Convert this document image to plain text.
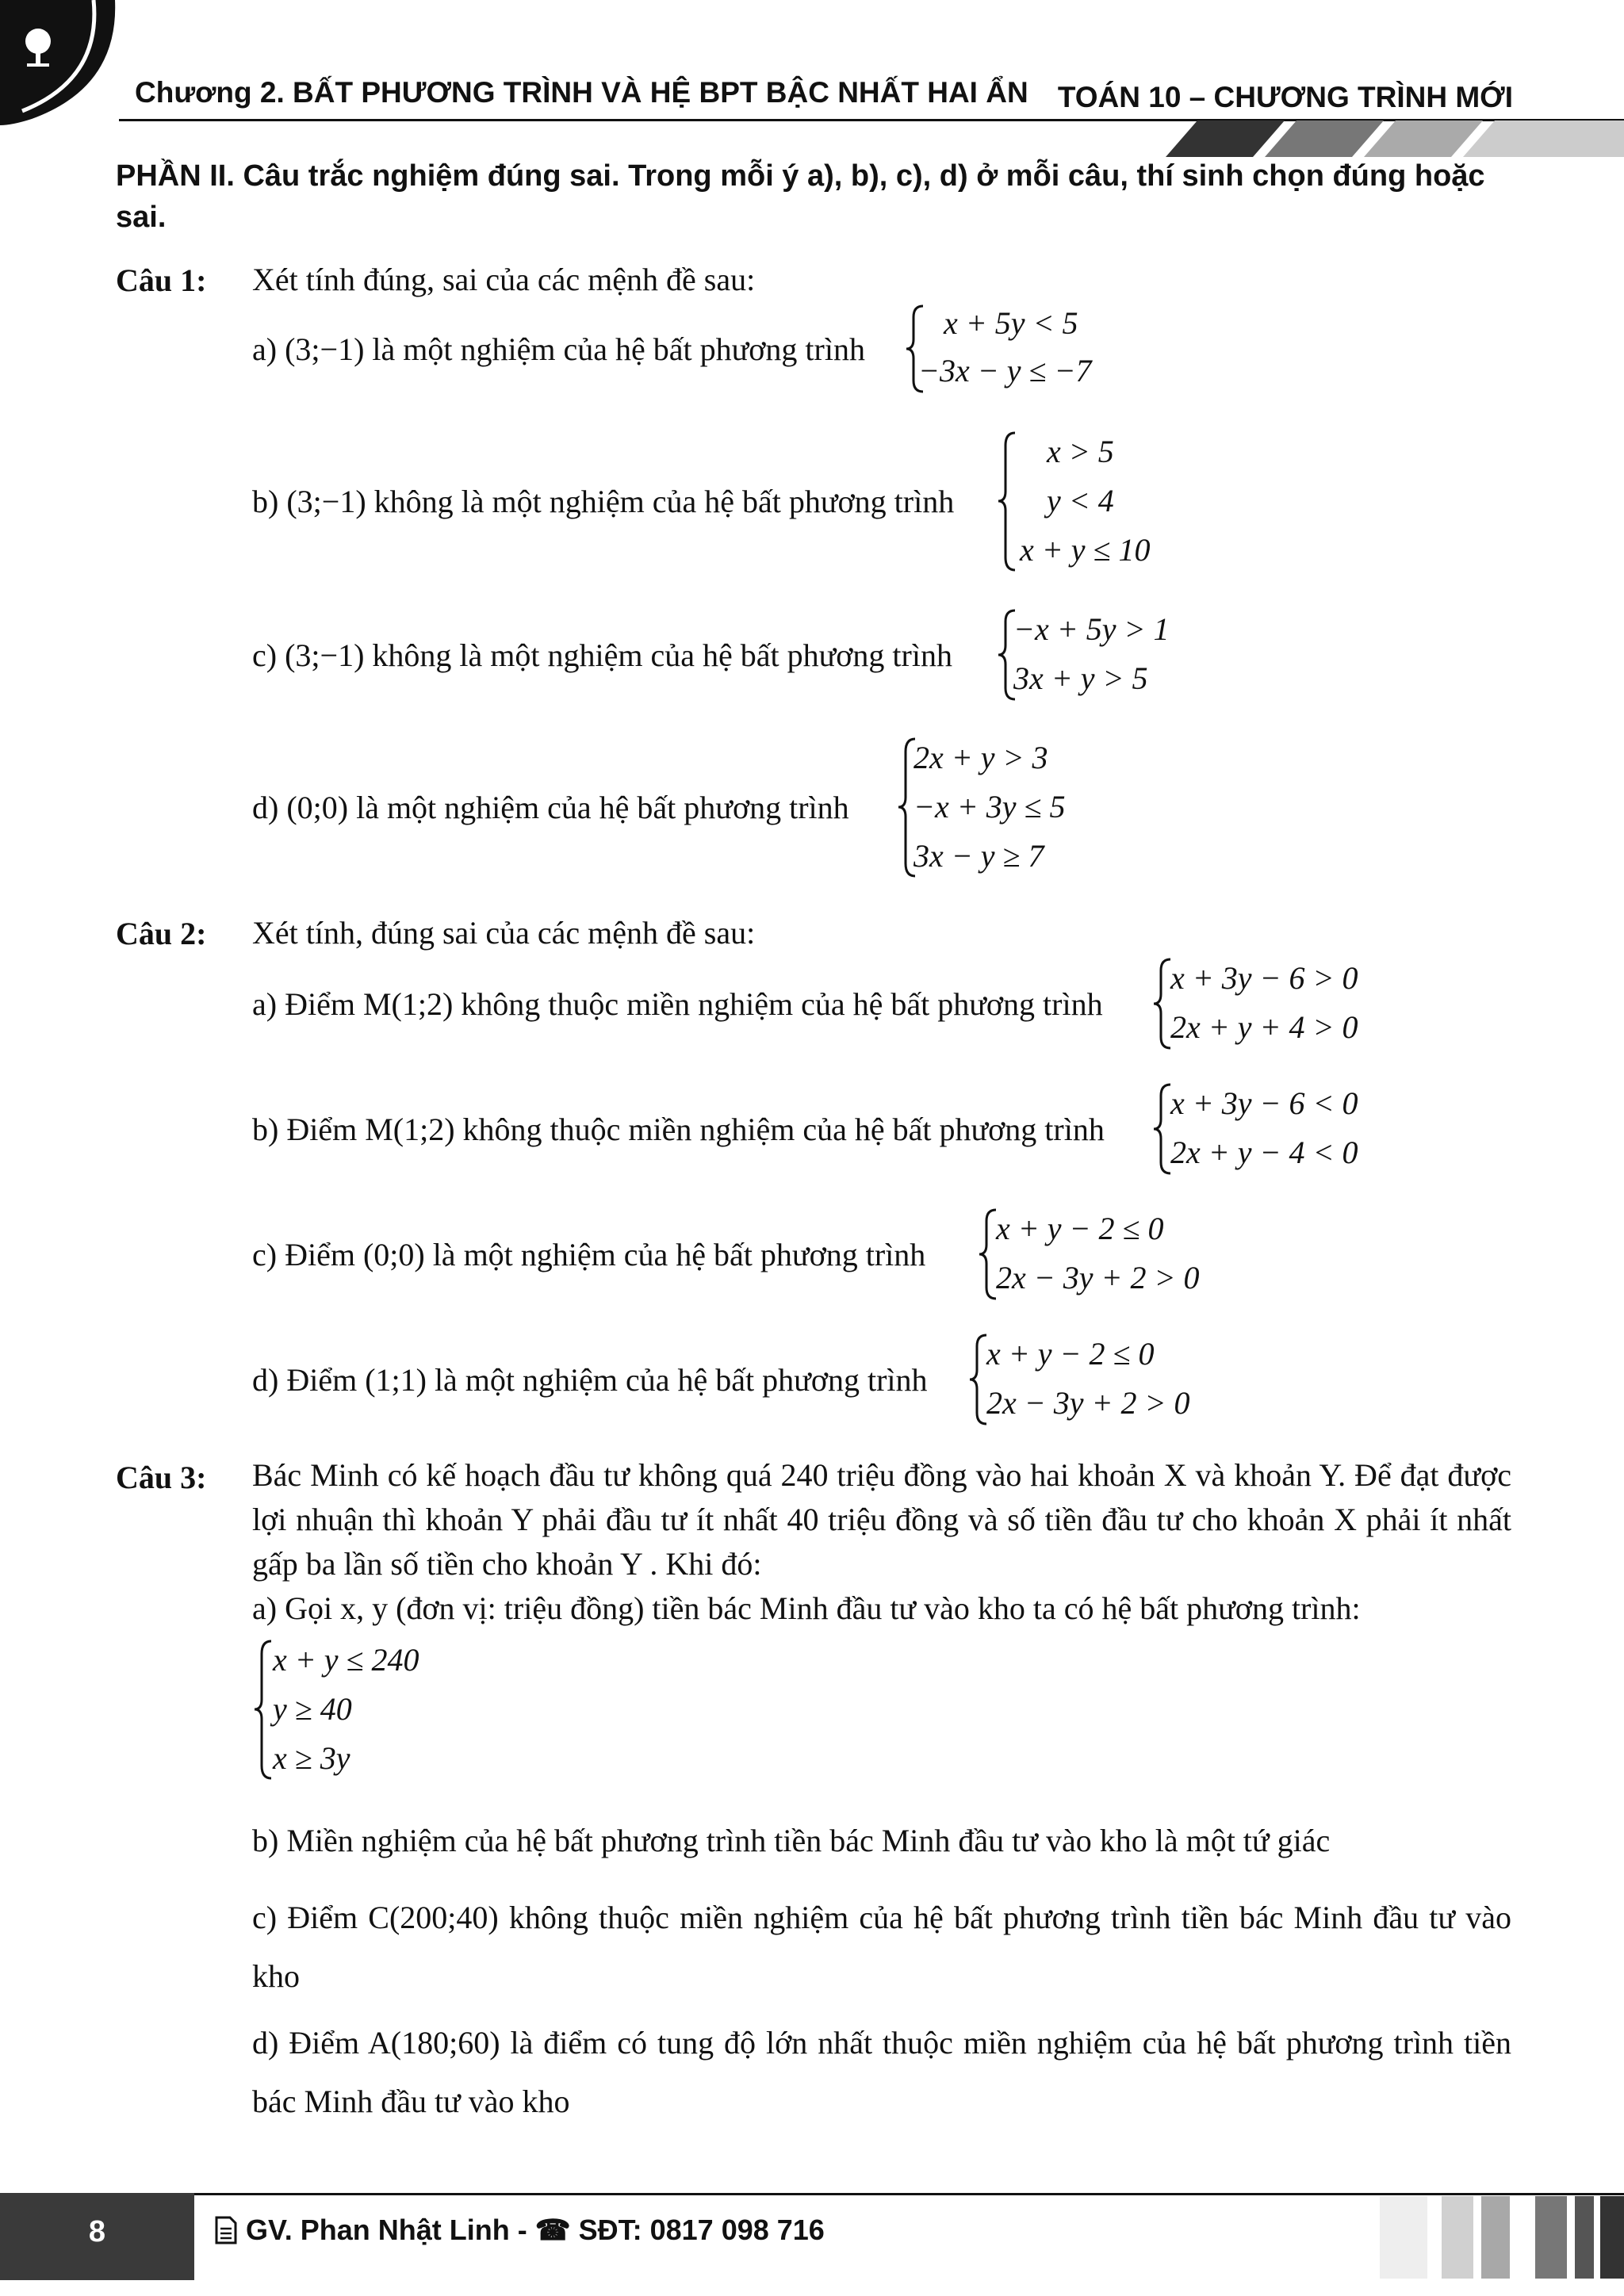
Chương 2. BẤT PHƯƠNG TRÌNH VÀ HỆ BPT BẬC NHẤT HAI ẨN TOÁN 10 – CHƯƠNG TRÌNH MỚI
PHẦN II. Câu trắc nghiệm đúng sai. Trong mỗi ý a), b), c), d) ở mỗi câu, thí sinh chọn đúng hoặc sai.
Câu 1: Xét tính đúng, sai của các mệnh đề sau:
a) (3;−1) là một nghiệm của hệ bất phương trình
x + 5y < 5
−3x − y ≤ −7
b) (3;−1) không là một nghiệm của hệ bất phương trình
x > 5
y < 4
x + y ≤ 10
c) (3;−1) không là một nghiệm của hệ bất phương trình
−x + 5y > 1
3x + y > 5
d) (0;0) là một nghiệm của hệ bất phương trình
2x + y > 3
−x + 3y ≤ 5
3x − y ≥ 7
Câu 2: Xét tính, đúng sai của các mệnh đề sau:
a) Điểm M(1;2) không thuộc miền nghiệm của hệ bất phương trình
x + 3y − 6 > 0
2x + y + 4 > 0
b) Điểm M(1;2) không thuộc miền nghiệm của hệ bất phương trình
x + 3y − 6 < 0
2x + y − 4 < 0
c) Điểm (0;0) là một nghiệm của hệ bất phương trình
x + y − 2 ≤ 0
2x − 3y + 2 > 0
d) Điểm (1;1) là một nghiệm của hệ bất phương trình
x + y − 2 ≤ 0
2x − 3y + 2 > 0
Câu 3: Bác Minh có kế hoạch đầu tư không quá 240 triệu đồng vào hai khoản X và khoản Y. Để đạt được lợi nhuận thì khoản Y phải đầu tư ít nhất 40 triệu đồng và số tiền đầu tư cho khoản X phải ít nhất gấp ba lần số tiền cho khoản Y . Khi đó:
a) Gọi x, y (đơn vị: triệu đồng) tiền bác Minh đầu tư vào kho ta có hệ bất phương trình:
x + y ≤ 240
y ≥ 40
x ≥ 3y
b) Miền nghiệm của hệ bất phương trình tiền bác Minh đầu tư vào kho là một tứ giác
c) Điểm C(200;40) không thuộc miền nghiệm của hệ bất phương trình tiền bác Minh đầu tư vào kho
d) Điểm A(180;60) là điểm có tung độ lớn nhất thuộc miền nghiệm của hệ bất phương trình tiền bác Minh đầu tư vào kho
8	GV. Phan Nhật Linh - ☎ SĐT: 0817 098 716
